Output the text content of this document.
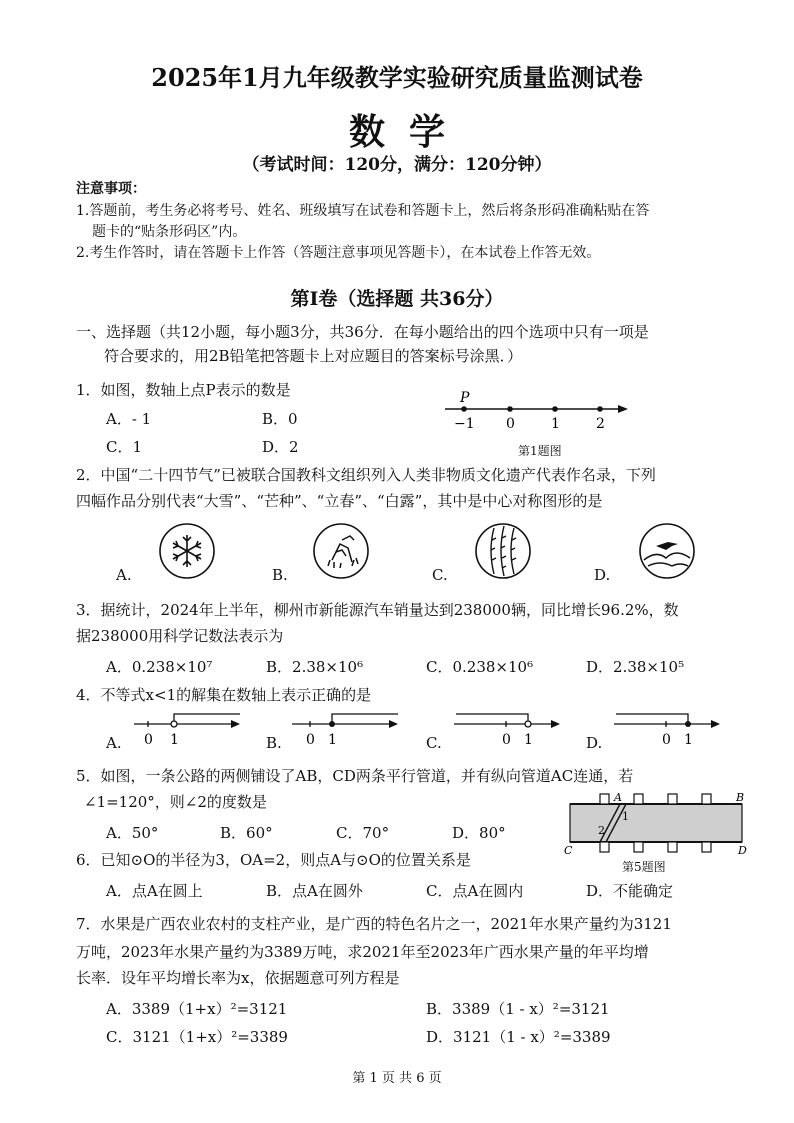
2025年1月九年级教学实验研究质量监测试卷
数学
（考试时间：120分，满分：120分钟）
注意事项：
1.答题前，考生务必将考号、姓名、班级填写在试卷和答题卡上，然后将条形码准确粘贴在答
题卡的“贴条形码区”内。
2.考生作答时，请在答题卡上作答（答题注意事项见答题卡），在本试卷上作答无效。
第Ⅰ卷（选择题 共36分）
一、选择题（共12小题，每小题3分，共36分．在每小题给出的四个选项中只有一项是
符合要求的，用2B铅笔把答题卡上对应题目的答案标号涂黑．）
1．如图，数轴上点P表示的数是
A．- 1	B．0
C．1	D．2
P
−1 0	1	2
第1题图
2．中国“二十四节气”已被联合国教科文组织列入人类非物质文化遗产代表作名录，下列
四幅作品分别代表“大雪”、“芒种”、“立春”、“白露”，其中是中心对称图形的是
A.	B.	C.	D.
3．据统计，2024年上半年，柳州市新能源汽车销量达到238000辆，同比增长96.2%，数
据238000用科学记数法表示为
A．0.238×10⁷	B．2.38×10⁶	C．0.238×10⁶	D．2.38×10⁵
4．不等式x<1的解集在数轴上表示正确的是
A. 0 1	B. 0 1	C.	0 1	D.	0 1
5．如图，一条公路的两侧铺设了AB，CD两条平行管道，并有纵向管道AC连通，若
∠1=120°，则∠2的度数是
A．50°	B．60°	C．70°	D．80°
A	B
C	D
1
2
第5题图
6．已知⊙O的半径为3，OA=2，则点A与⊙O的位置关系是
A．点A在圆上	B．点A在圆外	C．点A在圆内	D．不能确定
7．水果是广西农业农村的支柱产业，是广西的特色名片之一，2021年水果产量约为3121
万吨，2023年水果产量约为3389万吨，求2021年至2023年广西水果产量的年平均增
长率．设年平均增长率为x，依据题意可列方程是
A．3389（1+x）²=3121	B．3389（1 - x）²=3121
C．3121（1+x）²=3389	D．3121（1 - x）²=3389
第 1 页 共 6 页
